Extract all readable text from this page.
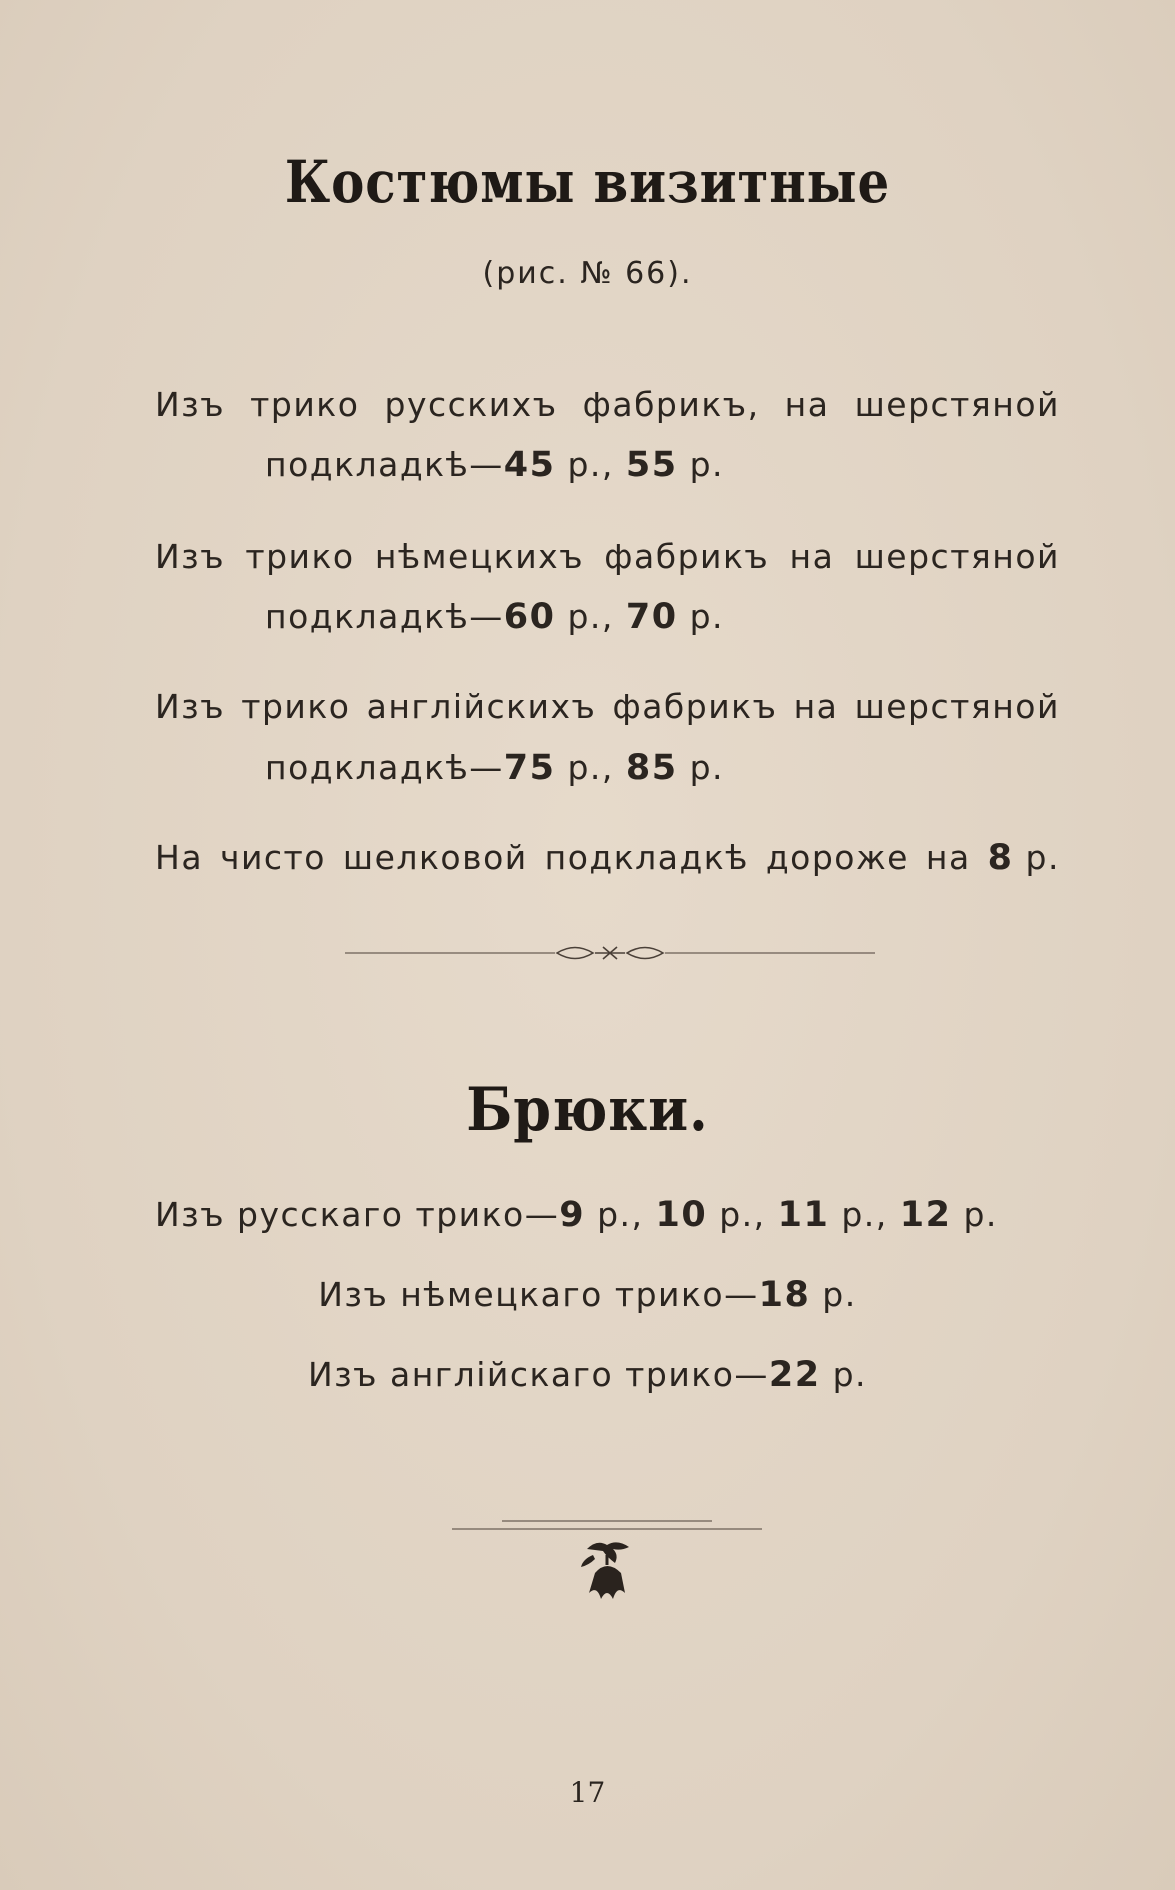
Костюмы визитные
(рис. № 66).
Изъ трико русскихъ фабрикъ, на шерстяной
подкладкѣ—45 р., 55 р.
Изъ трико нѣмецкихъ фабрикъ на шерстяной
подкладкѣ—60 р., 70 р.
Изъ трико англійскихъ фабрикъ на шерстяной
подкладкѣ—75 р., 85 р.
На чисто шелковой подкладкѣ дороже на 8 р.
Брюки.
Изъ русскаго трико—9 р., 10 р., 11 р., 12 р.
Изъ нѣмецкаго трико—18 р.
Изъ англійскаго трико—22 р.
17
